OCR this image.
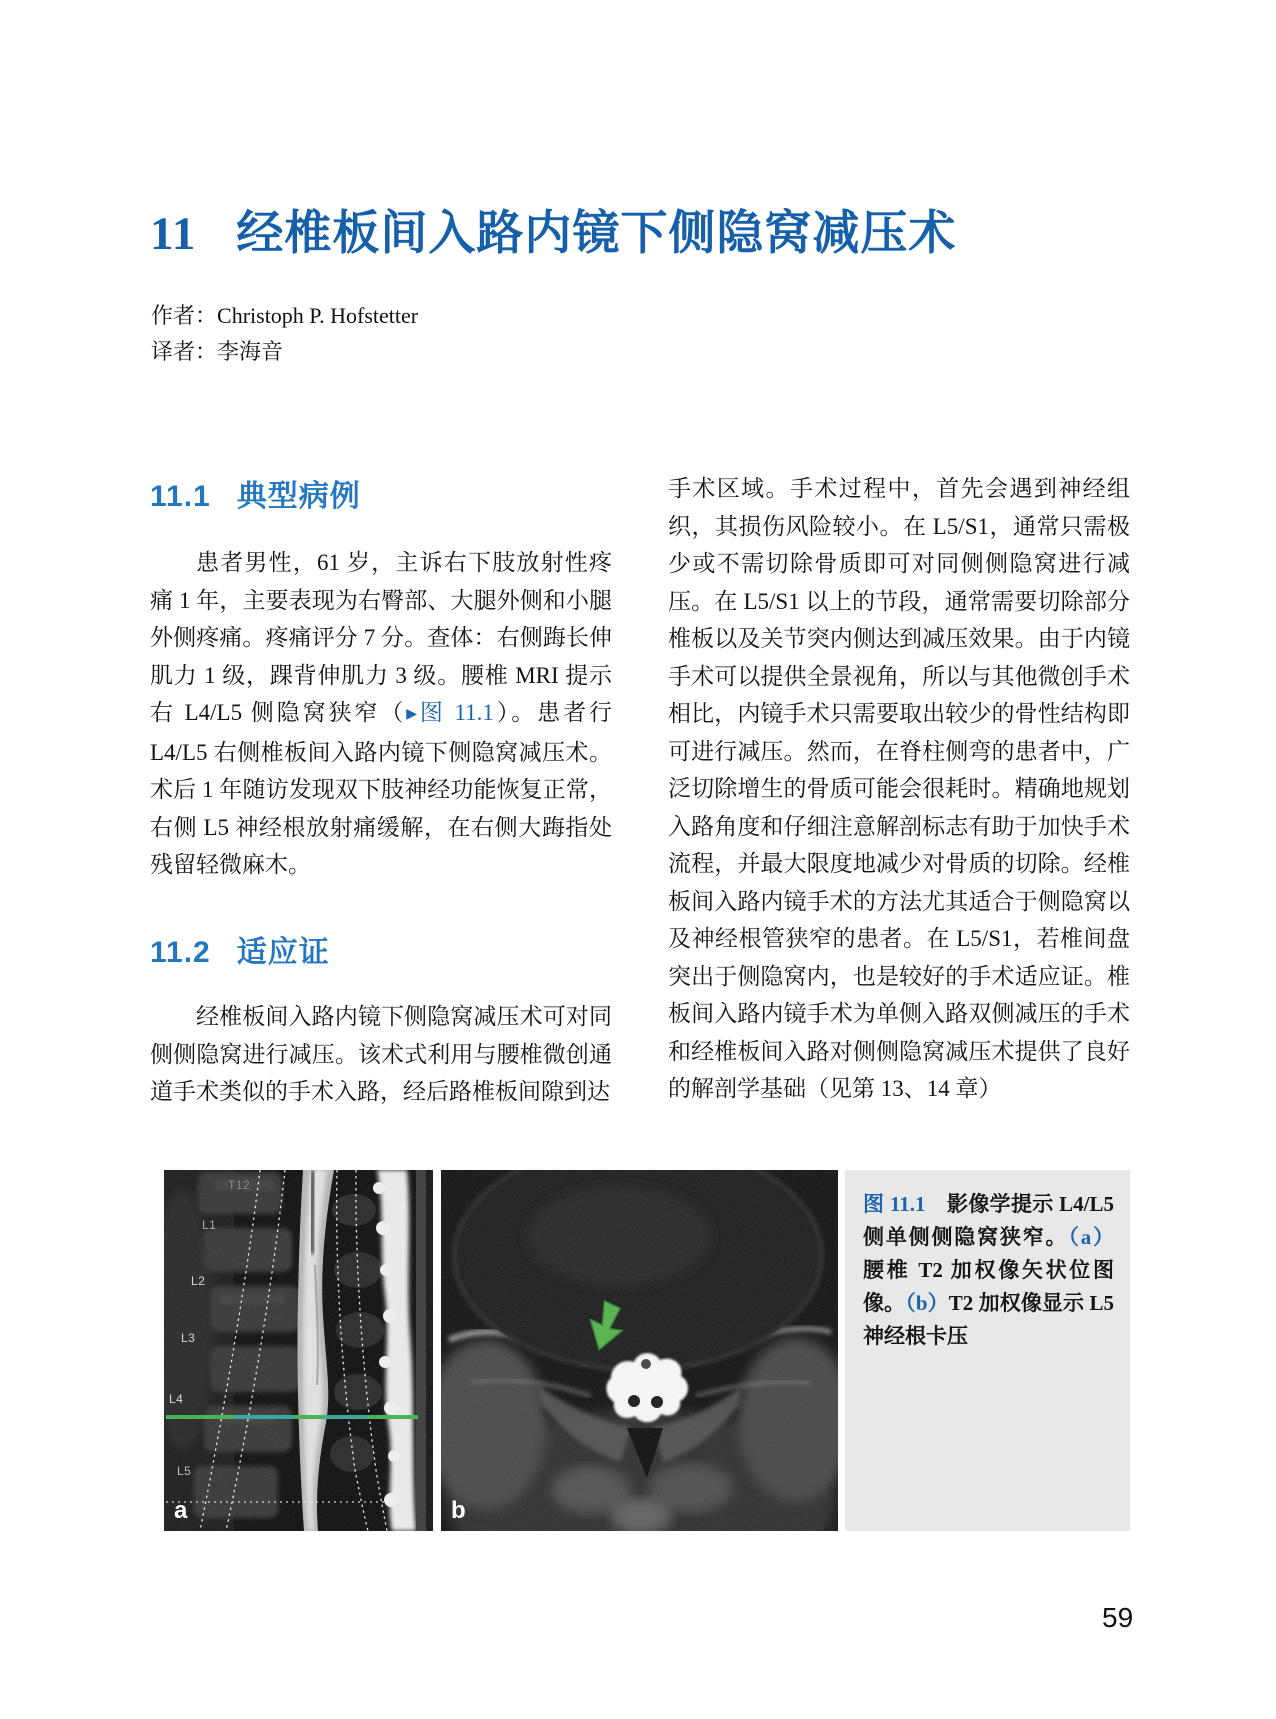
11 经椎板间入路内镜下侧隐窝减压术
作者：Christoph P. Hofstetter
译者：李海音
11.1 典型病例

患者男性，61 岁，主诉右下肢放射性疼痛 1 年，主要表现为右臀部、大腿外侧和小腿外侧疼痛。疼痛评分 7 分。查体：右侧踇长伸肌力 1 级，踝背伸肌力 3 级。腰椎 MRI 提示右 L4/L5 侧隐窝狭窄（▶图 11.1）。患者行 L4/L5 右侧椎板间入路内镜下侧隐窝减压术。术后 1 年随访发现双下肢神经功能恢复正常，右侧 L5 神经根放射痛缓解，在右侧大踇指处残留轻微麻木。

11.2 适应证

经椎板间入路内镜下侧隐窝减压术可对同侧侧隐窝进行减压。该术式利用与腰椎微创通道手术类似的手术入路，经后路椎板间隙到达

手术区域。手术过程中，首先会遇到神经组织，其损伤风险较小。在 L5/S1，通常只需极少或不需切除骨质即可对同侧侧隐窝进行减压。在 L5/S1 以上的节段，通常需要切除部分椎板以及关节突内侧达到减压效果。由于内镜手术可以提供全景视角，所以与其他微创手术相比，内镜手术只需要取出较少的骨性结构即可进行减压。然而，在脊柱侧弯的患者中，广泛切除增生的骨质可能会很耗时。精确地规划入路角度和仔细注意解剖标志有助于加快手术流程，并最大限度地减少对骨质的切除。经椎板间入路内镜手术的方法尤其适合于侧隐窝以及神经根管狭窄的患者。在 L5/S1，若椎间盘突出于侧隐窝内，也是较好的手术适应证。椎板间入路内镜手术为单侧入路双侧减压的手术和经椎板间入路对侧侧隐窝减压术提供了良好的解剖学基础（见第 13、14 章）

T12
L1
L2
L3
L4
L5
a	b
图 11.1　影像学提示 L4/L5 侧单侧侧隐窝狭窄。（a）腰椎 T2 加权像矢状位图像。（b）T2 加权像显示 L5 神经根卡压
59
